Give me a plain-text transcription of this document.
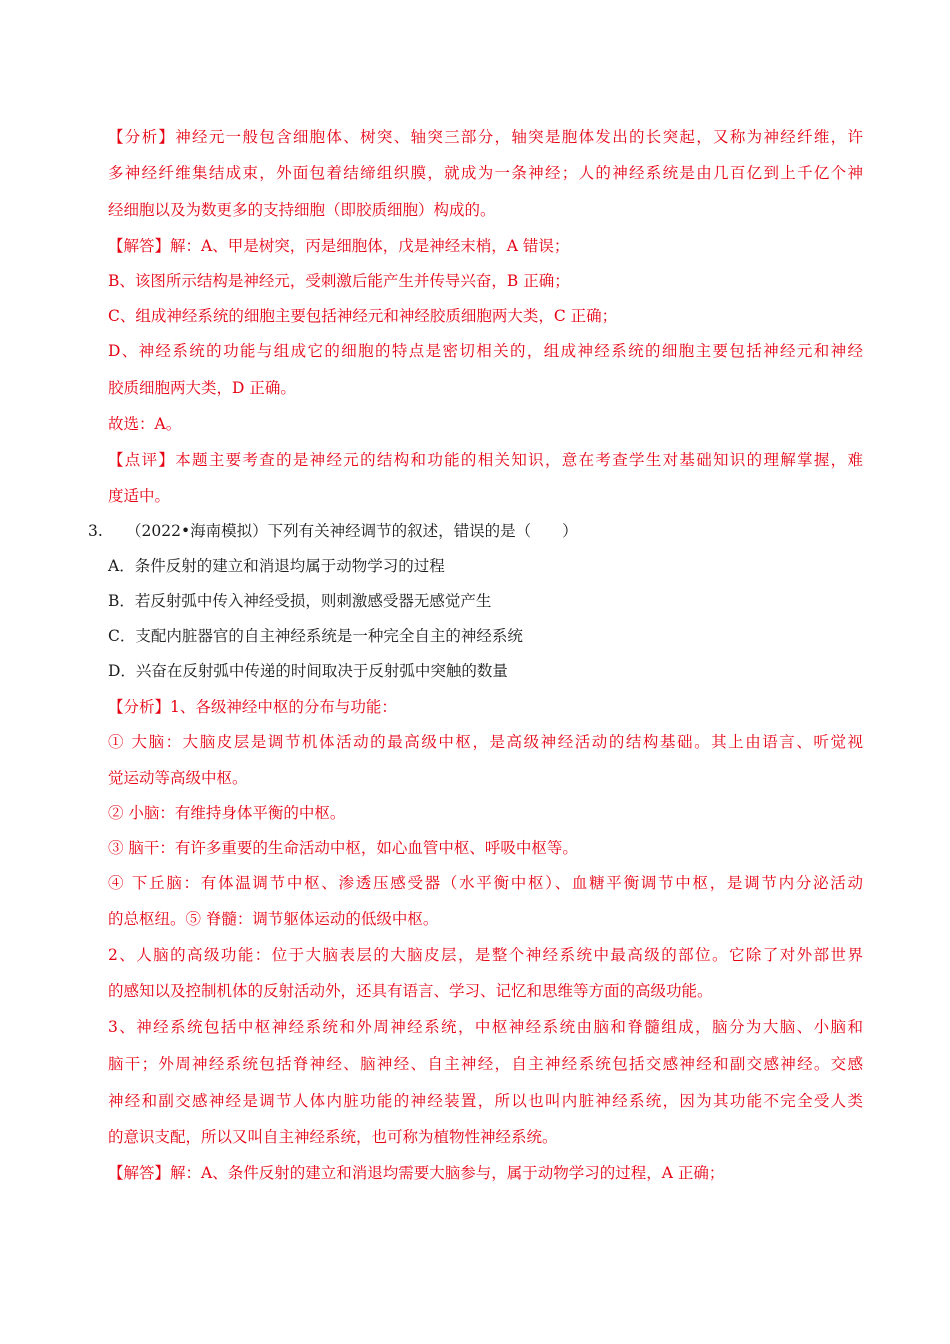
【分析】神经元一般包含细胞体、树突、轴突三部分，轴突是胞体发出的长突起，又称为神经纤维，许
多神经纤维集结成束，外面包着结缔组织膜，就成为一条神经；人的神经系统是由几百亿到上千亿个神
经细胞以及为数更多的支持细胞（即胶质细胞）构成的。
【解答】解：A、甲是树突，丙是细胞体，戊是神经末梢，A 错误；
B、该图所示结构是神经元，受刺激后能产生并传导兴奋，B 正确；
C、组成神经系统的细胞主要包括神经元和神经胶质细胞两大类，C 正确；
D、神经系统的功能与组成它的细胞的特点是密切相关的，组成神经系统的细胞主要包括神经元和神经
胶质细胞两大类，D 正确。
故选：A。
【点评】本题主要考查的是神经元的结构和功能的相关知识，意在考查学生对基础知识的理解掌握，难
度适中。
3. （2022•海南模拟）下列有关神经调节的叙述，错误的是（　　）
A．条件反射的建立和消退均属于动物学习的过程
B．若反射弧中传入神经受损，则刺激感受器无感觉产生
C．支配内脏器官的自主神经系统是一种完全自主的神经系统
D．兴奋在反射弧中传递的时间取决于反射弧中突触的数量
【分析】1、各级神经中枢的分布与功能：
① 大脑：大脑皮层是调节机体活动的最高级中枢，是高级神经活动的结构基础。其上由语言、听觉视
觉运动等高级中枢。
② 小脑：有维持身体平衡的中枢。
③ 脑干：有许多重要的生命活动中枢，如心血管中枢、呼吸中枢等。
④ 下丘脑：有体温调节中枢、渗透压感受器（水平衡中枢）、血糖平衡调节中枢，是调节内分泌活动
的总枢纽。⑤ 脊髓：调节躯体运动的低级中枢。
2、人脑的高级功能：位于大脑表层的大脑皮层，是整个神经系统中最高级的部位。它除了对外部世界
的感知以及控制机体的反射活动外，还具有语言、学习、记忆和思维等方面的高级功能。
3、神经系统包括中枢神经系统和外周神经系统，中枢神经系统由脑和脊髓组成，脑分为大脑、小脑和
脑干；外周神经系统包括脊神经、脑神经、自主神经，自主神经系统包括交感神经和副交感神经。交感
神经和副交感神经是调节人体内脏功能的神经装置，所以也叫内脏神经系统，因为其功能不完全受人类
的意识支配，所以又叫自主神经系统，也可称为植物性神经系统。
【解答】解：A、条件反射的建立和消退均需要大脑参与，属于动物学习的过程，A 正确；
